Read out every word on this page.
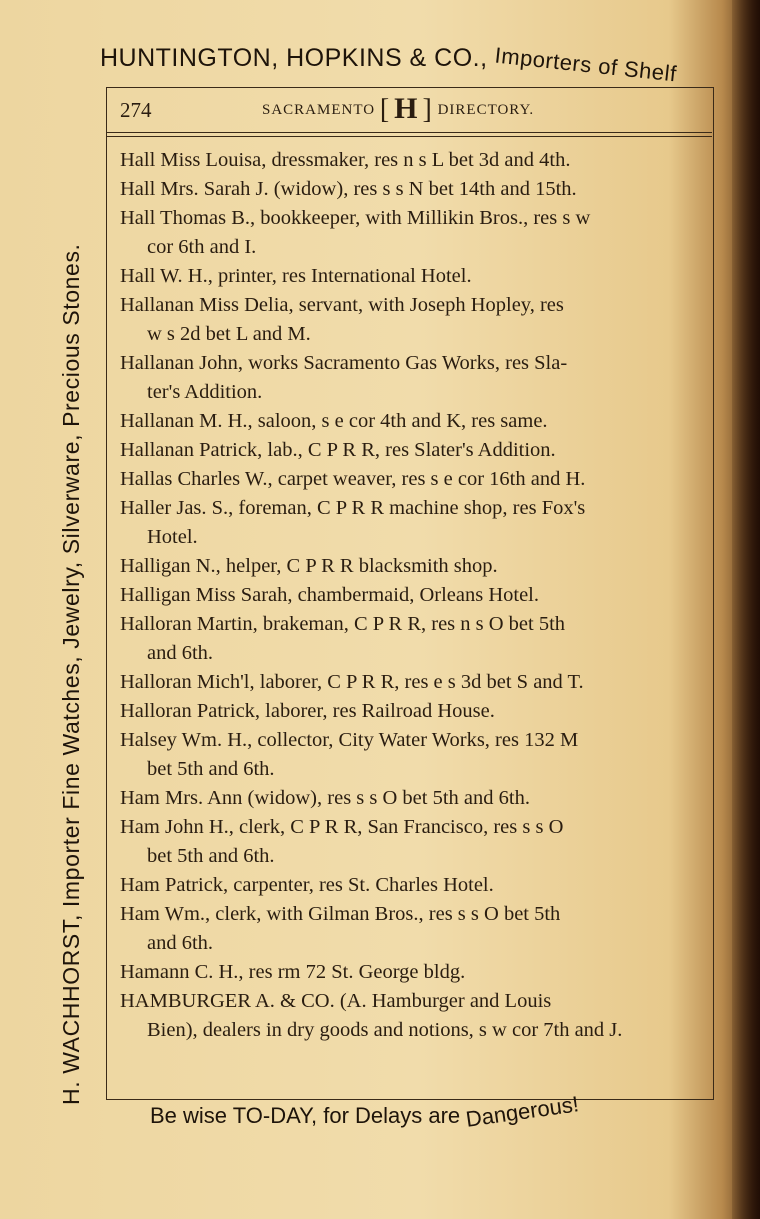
HUNTINGTON, HOPKINS & CO., Importers of Shelf
H. WACHHORST, Importer Fine Watches, Jewelry, Silverware, Precious Stones.
274	SACRAMENTO [ H ] DIRECTORY.

Hall Miss Louisa, dressmaker, res n s L bet 3d and 4th.

Hall Mrs. Sarah J. (widow), res s s N bet 14th and 15th.

Hall Thomas B., bookkeeper, with Millikin Bros., res s w
cor 6th and I.

Hall W. H., printer, res International Hotel.

Hallanan Miss Delia, servant, with Joseph Hopley, res
w s 2d bet L and M.

Hallanan John, works Sacramento Gas Works, res Sla-
ter's Addition.

Hallanan M. H., saloon, s e cor 4th and K, res same.

Hallanan Patrick, lab., C P R R, res Slater's Addition.

Hallas Charles W., carpet weaver, res s e cor 16th and H.

Haller Jas. S., foreman, C P R R machine shop, res Fox's
Hotel.

Halligan N., helper, C P R R blacksmith shop.

Halligan Miss Sarah, chambermaid, Orleans Hotel.

Halloran Martin, brakeman, C P R R, res n s O bet 5th
and 6th.

Halloran Mich'l, laborer, C P R R, res e s 3d bet S and T.

Halloran Patrick, laborer, res Railroad House.

Halsey Wm. H., collector, City Water Works, res 132 M
bet 5th and 6th.

Ham Mrs. Ann (widow), res s s O bet 5th and 6th.

Ham John H., clerk, C P R R, San Francisco, res s s O
bet 5th and 6th.

Ham Patrick, carpenter, res St. Charles Hotel.

Ham Wm., clerk, with Gilman Bros., res s s O bet 5th
and 6th.

Hamann C. H., res rm 72 St. George bldg.

HAMBURGER A. & CO. (A. Hamburger and Louis
Bien), dealers in dry goods and notions, s w cor 7th and J.

Be wise TO-DAY, for Delays are Dangerous!
